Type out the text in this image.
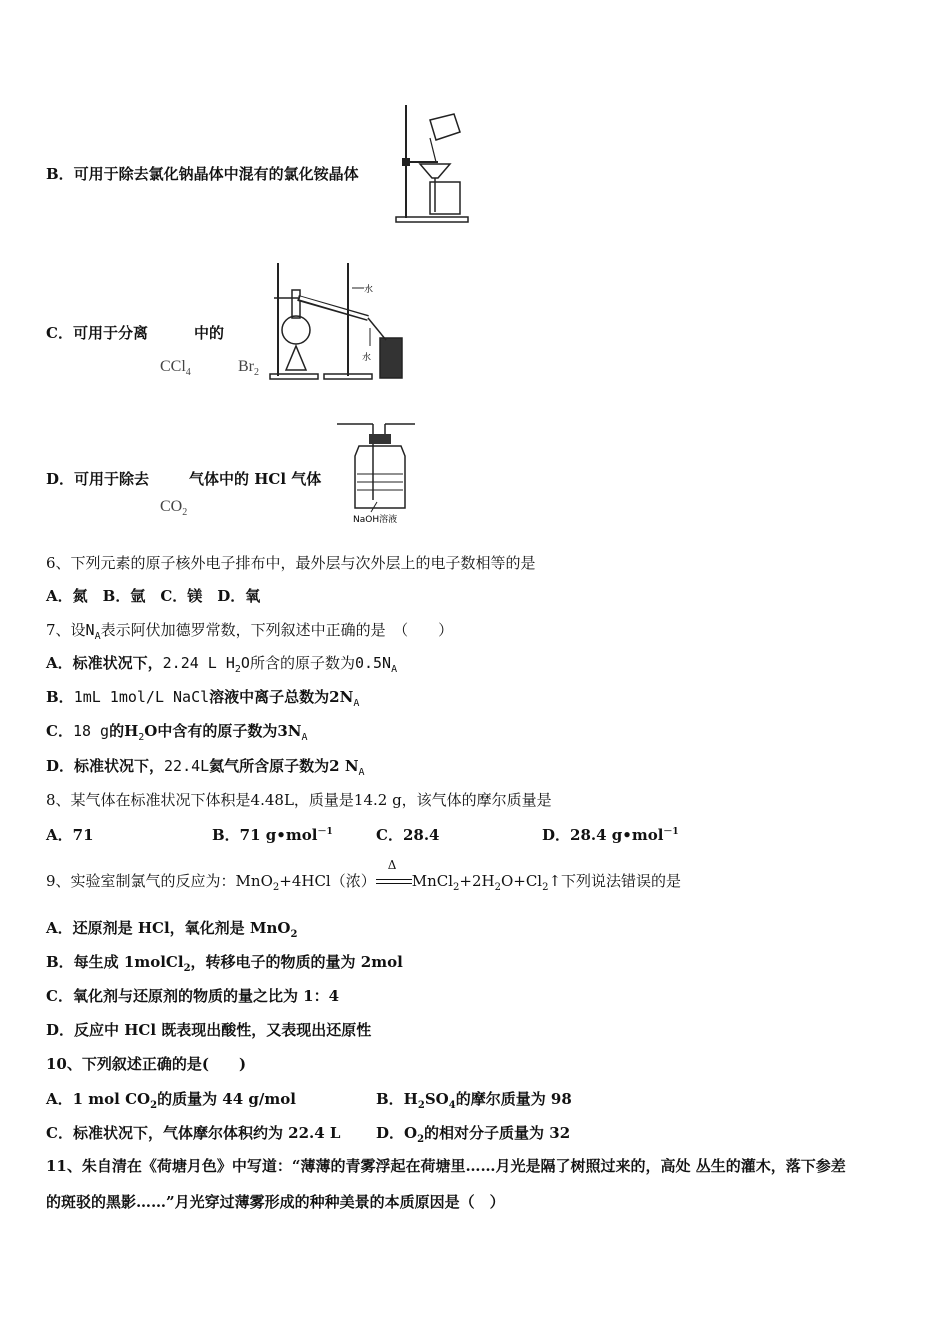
B．可用于除去氯化钠晶体中混有的氯化铵晶体
C．可用于分离	中的
CCl$_4$	$Br_2$
水
水
D．可用于除去	气体中的 HCl 气体
$CO_2$
NaOH溶液
6、下列元素的原子核外电子排布中，最外层与次外层上的电子数相等的是
A．氮　B．氩　C．镁　D．氧
7、设$N_A$表示阿伏加德罗常数，下列叙述中正确的是　（　　）
A．标准状况下，2.24 L $H_2O$所含的原子数为$0.5N_A$
B．1mL 1mol/L NaCl溶液中离子总数为$2N_A$
C．18 g的$H_2O$中含有的原子数为$3N_A$
D．标准状况下，22.4L氦气所含原子数为2 $N_A$
8、某气体在标准状况下体积是4.48L，质量是14.2 g，该气体的摩尔质量是
A．71	B．71 g•mol$^{-1}$	C．28.4	D．28.4 g•mol$^{-1}$
9、实验室制氯气的反应为：MnO$_2$+4HCl（浓）
Δ
$MnCl_2+2H_2O+Cl_2↑$下列说法错误的是
A．还原剂是 HCl，氧化剂是 MnO$_2$
B．每生成 1molCl$_2$，转移电子的物质的量为 2mol
C．氧化剂与还原剂的物质的量之比为 1：4
D．反应中 HCl 既表现出酸性，又表现出还原性
10、下列叙述正确的是(　　)
A．1 mol $CO_2$的质量为 44 g/mol	B．$H_2SO_4$的摩尔质量为 98
C．标准状况下，气体摩尔体积约为 22.4 L D．$O_2$的相对分子质量为 32
11、朱自清在《荷塘月色》中写道：“薄薄的青雾浮起在荷塘里……月光是隔了树照过来的，高处 丛生的灌木，落下参差
的斑驳的黑影……”月光穿过薄雾形成的种种美景的本质原因是（　）
